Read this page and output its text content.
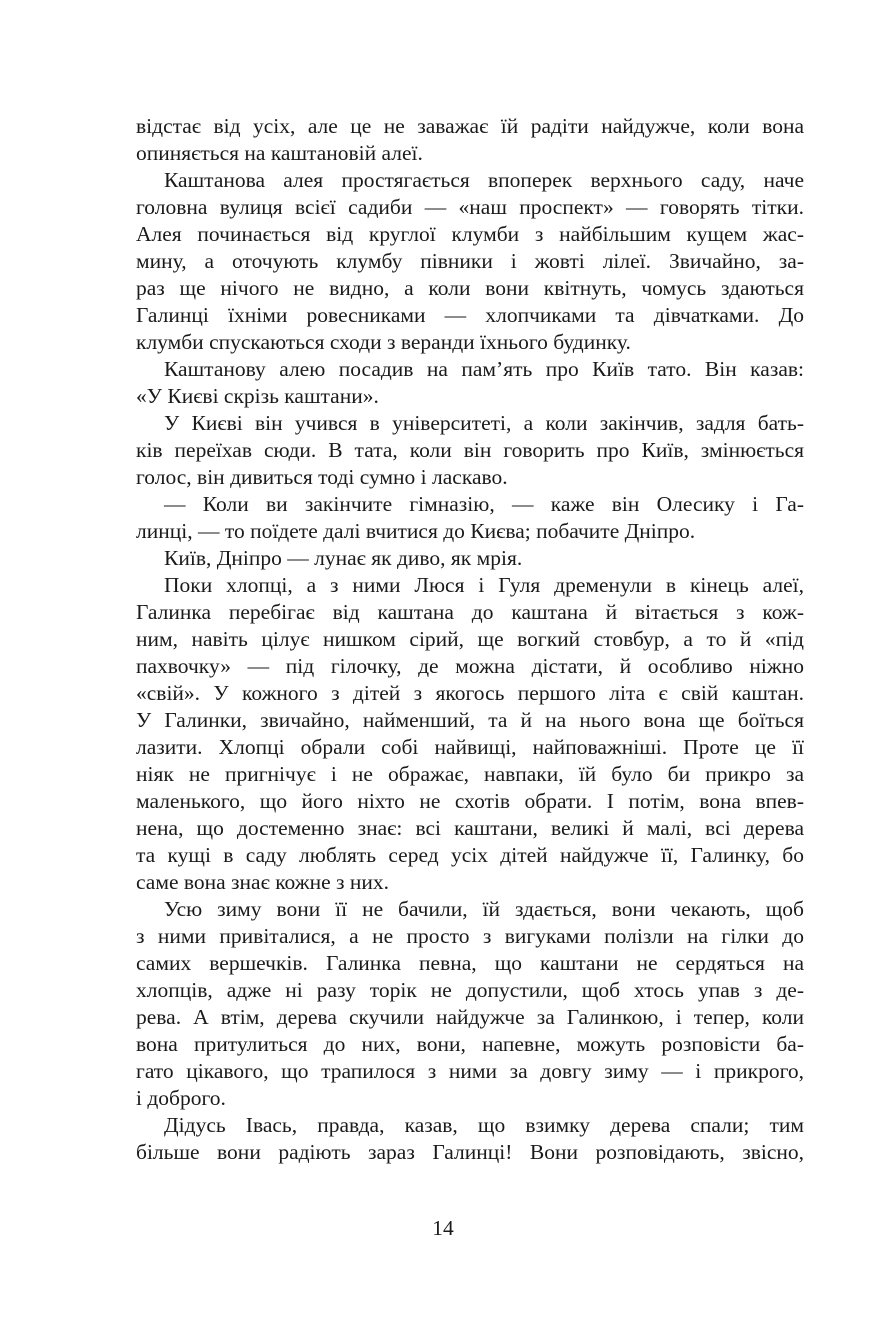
відстає від усіх, але це не заважає їй радіти найдужче, коли вона
опиняється на каштановій алеї.
Каштанова алея простягається впоперек верхнього саду, наче
головна вулиця всієї садиби — «наш проспект» — говорять тітки.
Алея починається від круглої клумби з найбільшим кущем жас-
мину, а оточують клумбу півники і жовті лілеї. Звичайно, за-
раз ще нічого не видно, а коли вони квітнуть, чомусь здаються
Галинці їхніми ровесниками — хлопчиками та дівчатками. До
клумби спускаються сходи з веранди їхнього будинку.
Каштанову алею посадив на пам’ять про Київ тато. Він казав:
«У Києві скрізь каштани».
У Києві він учився в університеті, а коли закінчив, задля бать-
ків переїхав сюди. В тата, коли він говорить про Київ, змінюється
голос, він дивиться тоді сумно і ласкаво.
— Коли ви закінчите гімназію, — каже він Олесику і Га-
линці, — то поїдете далі вчитися до Києва; побачите Дніпро.
Київ, Дніпро — лунає як диво, як мрія.
Поки хлопці, а з ними Люся і Гуля дременули в кінець алеї,
Галинка перебігає від каштана до каштана й вітається з кож-
ним, навіть цілує нишком сірий, ще вогкий стовбур, а то й «під
пахвочку» — під гілочку, де можна дістати, й особливо ніжно
«свій». У кожного з дітей з якогось першого літа є свій каштан.
У Галинки, звичайно, найменший, та й на нього вона ще боїться
лазити. Хлопці обрали собі найвищі, найповажніші. Проте це її
ніяк не пригнічує і не ображає, навпаки, їй було би прикро за
маленького, що його ніхто не схотів обрати. І потім, вона впев-
нена, що достеменно знає: всі каштани, великі й малі, всі дерева
та кущі в саду люблять серед усіх дітей найдужче її, Галинку, бо
саме вона знає кожне з них.
Усю зиму вони її не бачили, їй здається, вони чекають, щоб
з ними привіталися, а не просто з вигуками полізли на гілки до
самих вершечків. Галинка певна, що каштани не сердяться на
хлопців, адже ні разу торік не допустили, щоб хтось упав з де-
рева. А втім, дерева скучили найдужче за Галинкою, і тепер, коли
вона притулиться до них, вони, напевне, можуть розповісти ба-
гато цікавого, що трапилося з ними за довгу зиму — і прикрого,
і доброго.
Дідусь Івась, правда, казав, що взимку дерева спали; тим
більше вони радіють зараз Галинці! Вони розповідають, звісно,
14
